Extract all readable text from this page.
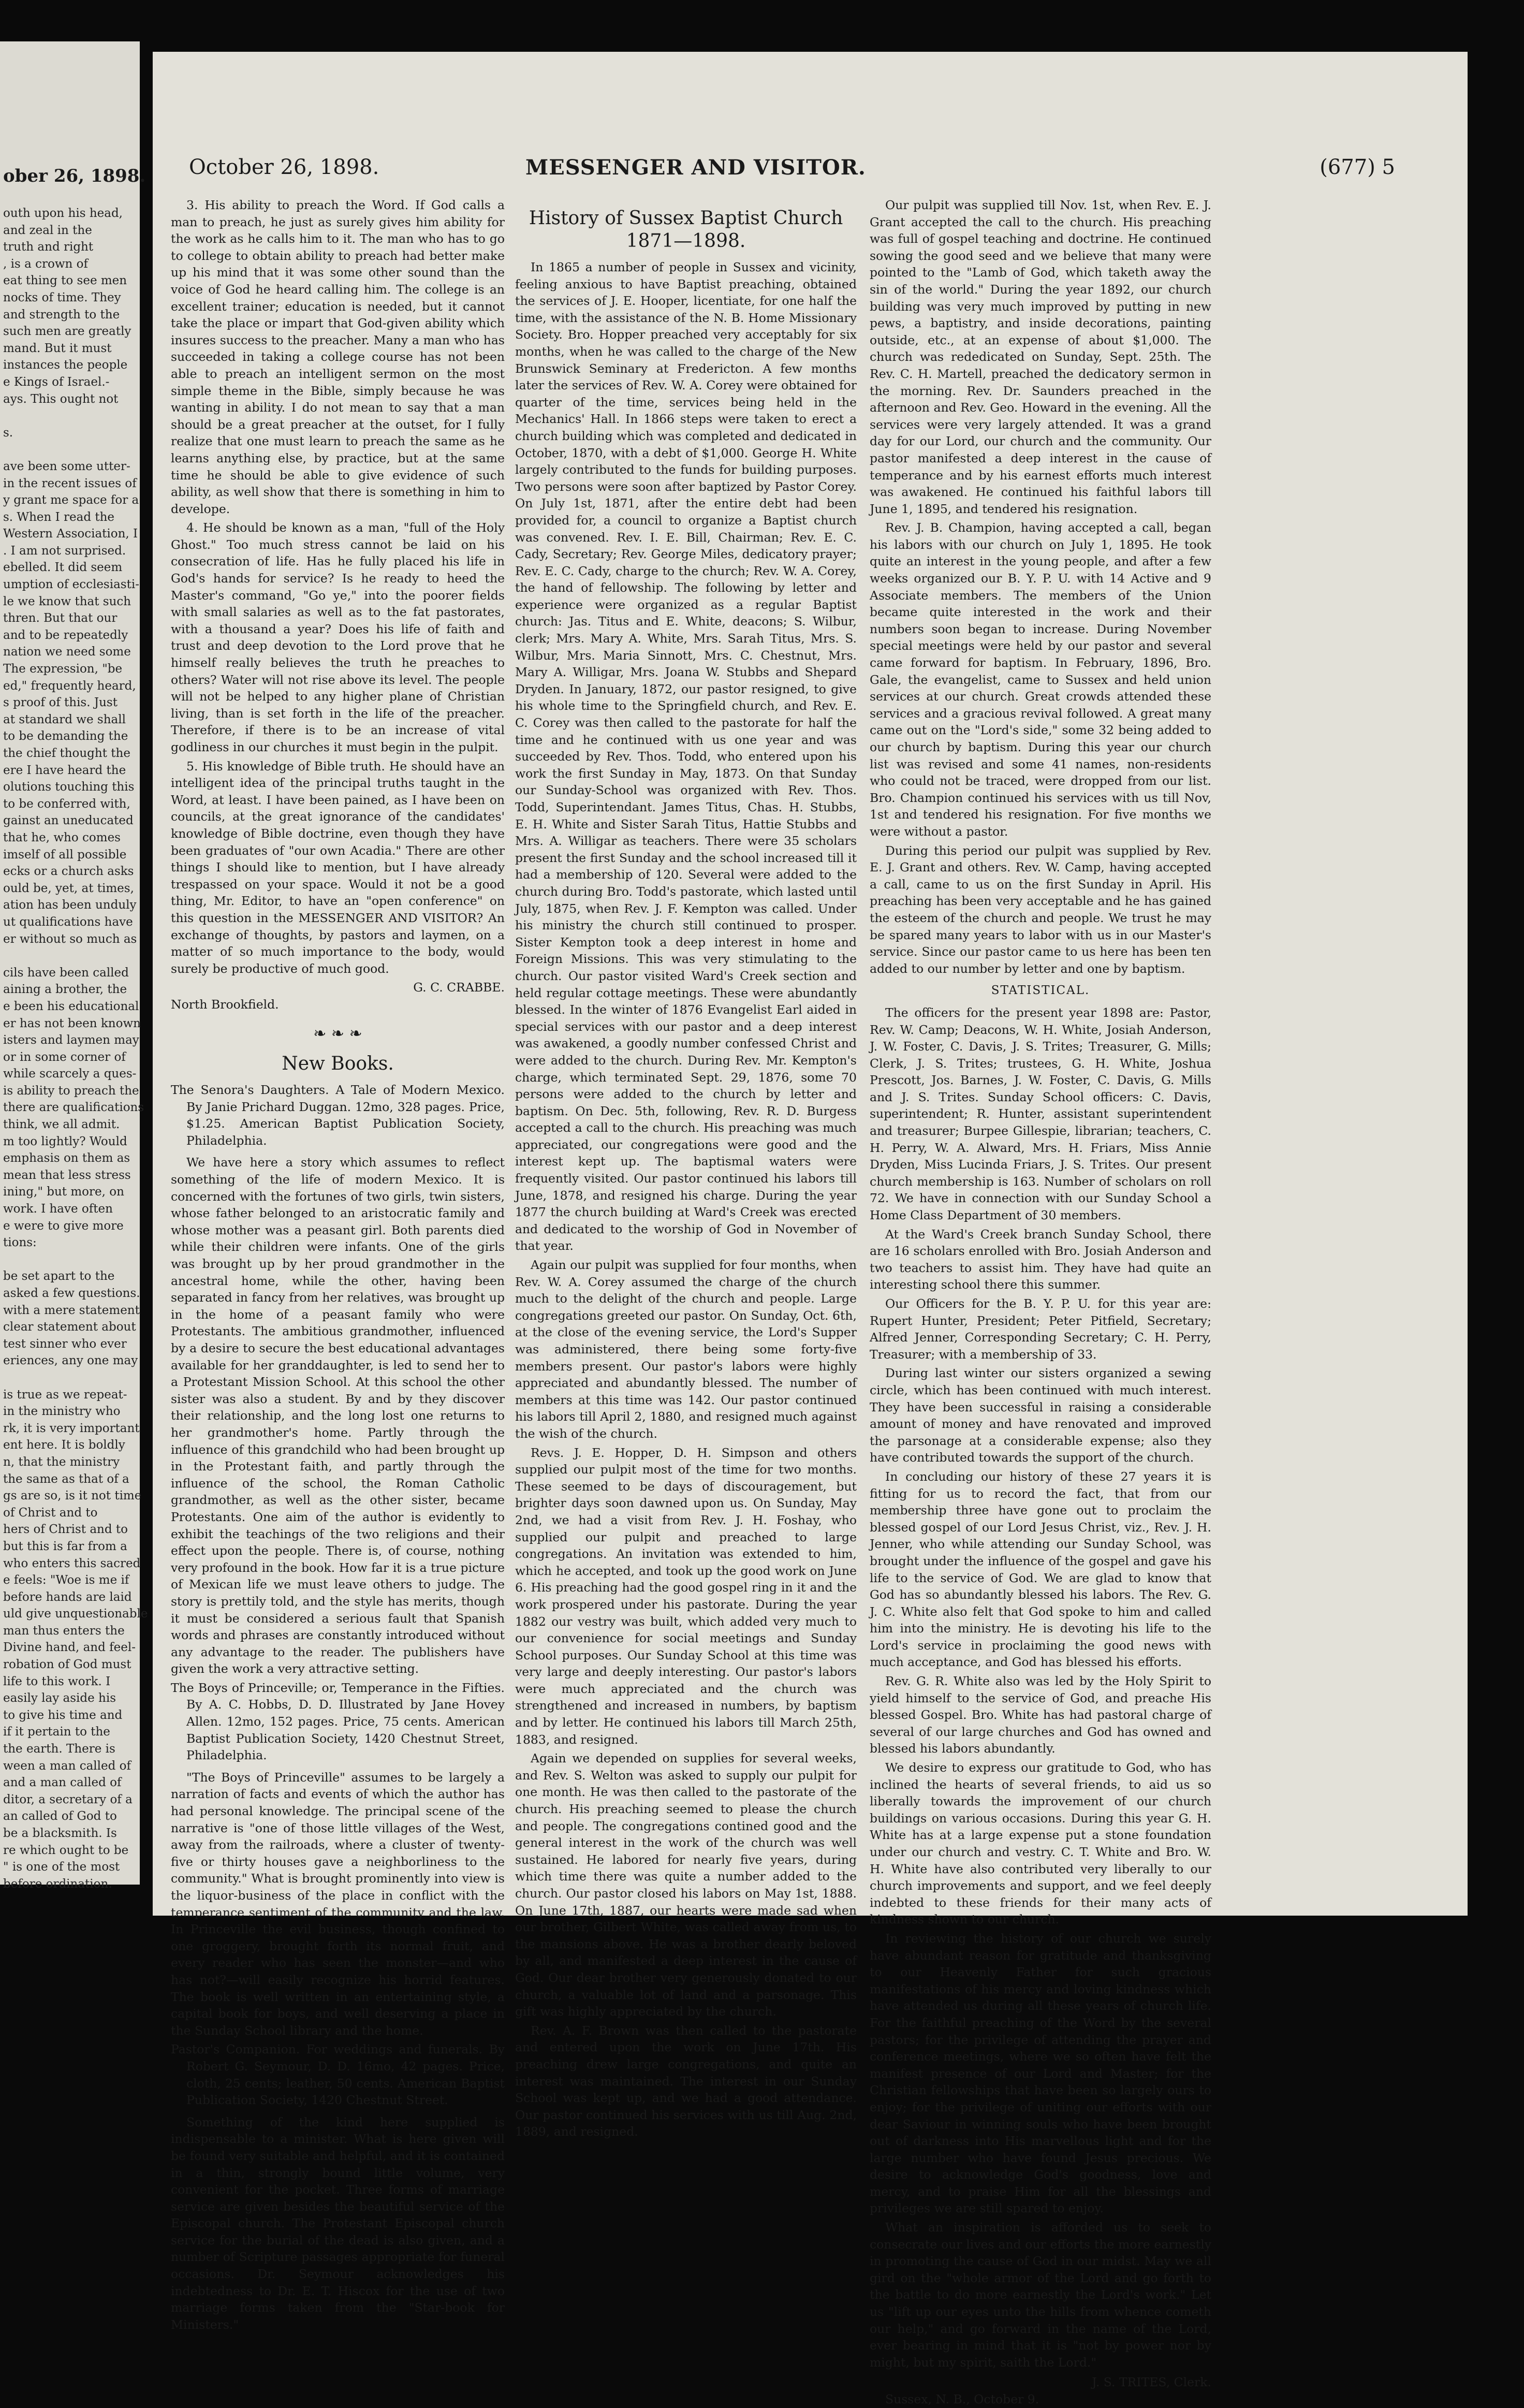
ober 26, 1898.
outh upon his head,
and zeal in the
truth and right
, is a crown of
eat thing to see men
nocks of time. They
and strength to the
such men are greatly
mand. But it must
instances the people
e Kings of Israel.-
ays. This ought not

s.

ave been some utter-
in the recent issues of
y grant me space for a
s. When I read the
Western Association, I
. I am not surprised.
ebelled. It did seem
umption of ecclesiasti-
le we know that such
thren. But that our
and to be repeatedly
nation we need some
The expression, "be
ed," frequently heard,
s proof of this. Just
at standard we shall
to be demanding the
the chief thought the
ere I have heard the
olutions touching this
to be conferred with,
gainst an uneducated
that he, who comes
imself of all possible
ecks or a church asks
ould be, yet, at times,
ation has been unduly
ut qualifications have
er without so much as

cils have been called
aining a brother, the
e been his educational
er has not been known
isters and laymen may
or in some corner of
while scarcely a ques-
is ability to preach the
there are qualifications
think, we all admit.
m too lightly? Would
emphasis on them as
mean that less stress
ining," but more, on
work. I have often
e were to give more
tions:

be set apart to the
asked a few questions.
with a mere statement
clear statement about
test sinner who ever
eriences, any one may

is true as we repeat-
in the ministry who
rk, it is very important
ent here. It is boldly
n, that the ministry
the same as that of a
gs are so, is it not time
of Christ and to
hers of Christ and to
but this is far from a
who enters this sacred
e feels: "Woe is me if
before hands are laid
uld give unquestionable
man thus enters the
Divine hand, and feel-
robation of God must
life to this work. I
easily lay aside his
to give his time and
if it pertain to the
the earth. There is
ween a man called of
and a man called of
ditor, a secretary of a
an called of God to
be a blacksmith. Is
re which ought to be
" is one of the most
before ordination.
October 26, 1898.	MESSENGER AND VISITOR.	(677) 5

3. His ability to preach the Word. If God calls a man to preach, he just as surely gives him ability for the work as he calls him to it. The man who has to go to college to obtain ability to preach had better make up his mind that it was some other sound than the voice of God he heard calling him. The college is an excellent trainer; education is needed, but it cannot take the place or impart that God-given ability which insures success to the preacher. Many a man who has succeeded in taking a college course has not been able to preach an intelligent sermon on the most simple theme in the Bible, simply because he was wanting in ability. I do not mean to say that a man should be a great preacher at the outset, for I fully realize that one must learn to preach the same as he learns anything else, by practice, but at the same time he should be able to give evidence of such ability, as well show that there is something in him to develope.

4. He should be known as a man, "full of the Holy Ghost." Too much stress cannot be laid on his consecration of life. Has he fully placed his life in God's hands for service? Is he ready to heed the Master's command, "Go ye," into the poorer fields with small salaries as well as to the fat pastorates, with a thousand a year? Does his life of faith and trust and deep devotion to the Lord prove that he himself really believes the truth he preaches to others? Water will not rise above its level. The people will not be helped to any higher plane of Christian living, than is set forth in the life of the preacher. Therefore, if there is to be an increase of vital godliness in our churches it must begin in the pulpit.

5. His knowledge of Bible truth. He should have an intelligent idea of the principal truths taught in the Word, at least. I have been pained, as I have been on councils, at the great ignorance of the candidates' knowledge of Bible doctrine, even though they have been graduates of "our own Acadia." There are other things I should like to mention, but I have already trespassed on your space. Would it not be a good thing, Mr. Editor, to have an "open conference" on this question in the MESSENGER AND VISITOR? An exchange of thoughts, by pastors and laymen, on a matter of so much importance to the body, would surely be productive of much good.

G. C. CRABBE.

North Brookfield.

❧ ❧ ❧
New Books.

The Senora's Daughters. A Tale of Modern Mexico. By Janie Prichard Duggan. 12mo, 328 pages. Price, $1.25. American Baptist Publication Society, Philadelphia.

We have here a story which assumes to reflect something of the life of modern Mexico. It is concerned with the fortunes of two girls, twin sisters, whose father belonged to an aristocratic family and whose mother was a peasant girl. Both parents died while their children were infants. One of the girls was brought up by her proud grandmother in the ancestral home, while the other, having been separated in fancy from her relatives, was brought up in the home of a peasant family who were Protestants. The ambitious grandmother, influenced by a desire to secure the best educational advantages available for her granddaughter, is led to send her to a Protestant Mission School. At this school the other sister was also a student. By and by they discover their relationship, and the long lost one returns to her grandmother's home. Partly through the influence of this grandchild who had been brought up in the Protestant faith, and partly through the influence of the school, the Roman Catholic grandmother, as well as the other sister, became Protestants. One aim of the author is evidently to exhibit the teachings of the two religions and their effect upon the people. There is, of course, nothing very profound in the book. How far it is a true picture of Mexican life we must leave others to judge. The story is prettily told, and the style has merits, though it must be considered a serious fault that Spanish words and phrases are constantly introduced without any advantage to the reader. The publishers have given the work a very attractive setting.

The Boys of Princeville; or, Temperance in the Fifties. By A. C. Hobbs, D. D. Illustrated by Jane Hovey Allen. 12mo, 152 pages. Price, 75 cents. American Baptist Publication Society, 1420 Chestnut Street, Philadelphia.

"The Boys of Princeville" assumes to be largely a narration of facts and events of which the author has had personal knowledge. The principal scene of the narrative is "one of those little villages of the West, away from the railroads, where a cluster of twenty-five or thirty houses gave a neighborliness to the community." What is brought prominently into view is the liquor-business of the place in conflict with the temperance sentiment of the community and the law. In Princeville the evil business, though confined to one groggery, brought forth its normal fruit, and every reader who has seen the monster—and who has not?—will easily recognize his horrid features. The book is well written in an entertaining style, a capital book for boys, and well deserving a place in the Sunday School library and the home.

Pastor's Companion. For weddings and funerals. By Robert G. Seymour, D. D. 16mo, 42 pages. Price, cloth, 25 cents; leather, 50 cents. American Baptist Publication Society, 1420 Chestnut Street.

Something of the kind here supplied is indispensable to a minister. What is here given will be found very suitable and helpful, and it is contained in a thin, strongly bound little volume, very convenient for the pocket. Three forms of marriage service are given besides the beautiful service of the Episcopal church. The Protestant Episcopal church service for the burial of the dead is also given, and a number of Scripture passages appropriate for funeral occasions. Dr. Seymour acknowledges his indebtedness to Dr. E. T. Hiscox for the use of two marriage forms taken from the "Star-book for Ministers."

History of Sussex Baptist Church
1871—1898.

In 1865 a number of people in Sussex and vicinity, feeling anxious to have Baptist preaching, obtained the services of J. E. Hooper, licentiate, for one half the time, with the assistance of the N. B. Home Missionary Society. Bro. Hopper preached very acceptably for six months, when he was called to the charge of the New Brunswick Seminary at Fredericton. A few months later the services of Rev. W. A. Corey were obtained for quarter of the time, services being held in the Mechanics' Hall. In 1866 steps were taken to erect a church building which was completed and dedicated in October, 1870, with a debt of $1,000. George H. White largely contributed to the funds for building purposes. Two persons were soon after baptized by Pastor Corey. On July 1st, 1871, after the entire debt had been provided for, a council to organize a Baptist church was convened. Rev. I. E. Bill, Chairman; Rev. E. C. Cady, Secretary; Rev. George Miles, dedicatory prayer; Rev. E. C. Cady, charge to the church; Rev. W. A. Corey, the hand of fellowship. The following by letter and experience were organized as a regular Baptist church: Jas. Titus and E. White, deacons; S. Wilbur, clerk; Mrs. Mary A. White, Mrs. Sarah Titus, Mrs. S. Wilbur, Mrs. Maria Sinnott, Mrs. C. Chestnut, Mrs. Mary A. Willigar, Mrs. Joana W. Stubbs and Shepard Dryden. In January, 1872, our pastor resigned, to give his whole time to the Springfield church, and Rev. E. C. Corey was then called to the pastorate for half the time and he continued with us one year and was succeeded by Rev. Thos. Todd, who entered upon his work the first Sunday in May, 1873. On that Sunday our Sunday-School was organized with Rev. Thos. Todd, Superintendant. James Titus, Chas. H. Stubbs, E. H. White and Sister Sarah Titus, Hattie Stubbs and Mrs. A. Willigar as teachers. There were 35 scholars present the first Sunday and the school increased till it had a membership of 120. Several were added to the church during Bro. Todd's pastorate, which lasted until July, 1875, when Rev. J. F. Kempton was called. Under his ministry the church still continued to prosper. Sister Kempton took a deep interest in home and Foreign Missions. This was very stimulating to the church. Our pastor visited Ward's Creek section and held regular cottage meetings. These were abundantly blessed. In the winter of 1876 Evangelist Earl aided in special services with our pastor and a deep interest was awakened, a goodly number confessed Christ and were added to the church. During Rev. Mr. Kempton's charge, which terminated Sept. 29, 1876, some 70 persons were added to the church by letter and baptism. On Dec. 5th, following, Rev. R. D. Burgess accepted a call to the church. His preaching was much appreciated, our congregations were good and the interest kept up. The baptismal waters were frequently visited. Our pastor continued his labors till June, 1878, and resigned his charge. During the year 1877 the church building at Ward's Creek was erected and dedicated to the worship of God in November of that year.

Again our pulpit was supplied for four months, when Rev. W. A. Corey assumed the charge of the church much to the delight of the church and people. Large congregations greeted our pastor. On Sunday, Oct. 6th, at the close of the evening service, the Lord's Supper was administered, there being some forty-five members present. Our pastor's labors were highly appreciated and abundantly blessed. The number of members at this time was 142. Our pastor continued his labors till April 2, 1880, and resigned much against the wish of the church.

Revs. J. E. Hopper, D. H. Simpson and others supplied our pulpit most of the time for two months. These seemed to be days of discouragement, but brighter days soon dawned upon us. On Sunday, May 2nd, we had a visit from Rev. J. H. Foshay, who supplied our pulpit and preached to large congregations. An invitation was extended to him, which he accepted, and took up the good work on June 6. His preaching had the good gospel ring in it and the work prospered under his pastorate. During the year 1882 our vestry was built, which added very much to our convenience for social meetings and Sunday School purposes. Our Sunday School at this time was very large and deeply interesting. Our pastor's labors were much appreciated and the church was strengthened and increased in numbers, by baptism and by letter. He continued his labors till March 25th, 1883, and resigned.

Again we depended on supplies for several weeks, and Rev. S. Welton was asked to supply our pulpit for one month. He was then called to the pastorate of the church. His preaching seemed to please the church and people. The congregations contined good and the general interest in the work of the church was well sustained. He labored for nearly five years, during which time there was quite a number added to the church. Our pastor closed his labors on May 1st, 1888. On June 17th, 1887, our hearts were made sad when our brother, Gilbert White, was called away from us, to the mansions above. He was a brother dearly beloved by all, and manifested a deep interest in the cause of God. Our dear brother very generously donated to our church, a valuable lot of land and a parsonage. This gift was highly appreciated by the church.

Rev. A. F. Brown was then called to the pastorate and entered upon the work on June 17th. His preaching drew large congregations, and quite an interest was maintained. The interest in our Sunday School was kept up, and we had a good attendance. Our pastor continued his services with us till Aug. 2nd, 1889, and resigned.

Our pulpit was supplied till Nov. 1st, when Rev. E. J. Grant accepted the call to the church. His preaching was full of gospel teaching and doctrine. He continued sowing the good seed and we believe that many were pointed to the "Lamb of God, which taketh away the sin of the world." During the year 1892, our church building was very much improved by putting in new pews, a baptistry, and inside decorations, painting outside, etc., at an expense of about $1,000. The church was rededicated on Sunday, Sept. 25th. The Rev. C. H. Martell, preached the dedicatory sermon in the morning. Rev. Dr. Saunders preached in the afternoon and Rev. Geo. Howard in the evening. All the services were very largely attended. It was a grand day for our Lord, our church and the community. Our pastor manifested a deep interest in the cause of temperance and by his earnest efforts much interest was awakened. He continued his faithful labors till June 1, 1895, and tendered his resignation.

Rev. J. B. Champion, having accepted a call, began his labors with our church on July 1, 1895. He took quite an interest in the young people, and after a few weeks organized our B. Y. P. U. with 14 Active and 9 Associate members. The members of the Union became quite interested in the work and their numbers soon began to increase. During November special meetings were held by our pastor and several came forward for baptism. In February, 1896, Bro. Gale, the evangelist, came to Sussex and held union services at our church. Great crowds attended these services and a gracious revival followed. A great many came out on the "Lord's side," some 32 being added to our church by baptism. During this year our church list was revised and some 41 names, non-residents who could not be traced, were dropped from our list. Bro. Champion continued his services with us till Nov, 1st and tendered his resignation. For five months we were without a pastor.

During this period our pulpit was supplied by Rev. E. J. Grant and others. Rev. W. Camp, having accepted a call, came to us on the first Sunday in April. His preaching has been very acceptable and he has gained the esteem of the church and people. We trust he may be spared many years to labor with us in our Master's service. Since our pastor came to us here has been ten added to our number by letter and one by baptism.

STATISTICAL.

The officers for the present year 1898 are: Pastor, Rev. W. Camp; Deacons, W. H. White, Josiah Anderson, J. W. Foster, C. Davis, J. S. Trites; Treasurer, G. Mills; Clerk, J. S. Trites; trustees, G. H. White, Joshua Prescott, Jos. Barnes, J. W. Foster, C. Davis, G. Mills and J. S. Trites. Sunday School officers: C. Davis, superintendent; R. Hunter, assistant superintendent and treasurer; Burpee Gillespie, librarian; teachers, C. H. Perry, W. A. Alward, Mrs. H. Friars, Miss Annie Dryden, Miss Lucinda Friars, J. S. Trites. Our present church membership is 163. Number of scholars on roll 72. We have in connection with our Sunday School a Home Class Department of 30 members.

At the Ward's Creek branch Sunday School, there are 16 scholars enrolled with Bro. Josiah Anderson and two teachers to assist him. They have had quite an interesting school there this summer.

Our Officers for the B. Y. P. U. for this year are: Rupert Hunter, President; Peter Pitfield, Secretary; Alfred Jenner, Corresponding Secretary; C. H. Perry, Treasurer; with a membership of 33.

During last winter our sisters organized a sewing circle, which has been continued with much interest. They have been successful in raising a considerable amount of money and have renovated and improved the parsonage at a considerable expense; also they have contributed towards the support of the church.

In concluding our history of these 27 years it is fitting for us to record the fact, that from our membership three have gone out to proclaim the blessed gospel of our Lord Jesus Christ, viz., Rev. J. H. Jenner, who while attending our Sunday School, was brought under the influence of the gospel and gave his life to the service of God. We are glad to know that God has so abundantly blessed his labors. The Rev. G. J. C. White also felt that God spoke to him and called him into the ministry. He is devoting his life to the Lord's service in proclaiming the good news with much acceptance, and God has blessed his efforts.

Rev. G. R. White also was led by the Holy Spirit to yield himself to the service of God, and preache His blessed Gospel. Bro. White has had pastoral charge of several of our large churches and God has owned and blessed his labors abundantly.

We desire to express our gratitude to God, who has inclined the hearts of several friends, to aid us so liberally towards the improvement of our church buildings on various occasions. During this year G. H. White has at a large expense put a stone foundation under our church and vestry. C. T. White and Bro. W. H. White have also contributed very liberally to our church improvements and support, and we feel deeply indebted to these friends for their many acts of kindness shown to our church.

In reviewing the history of our church we surely have abundant reason for gratitude and thanksgiving to our Heavenly Father for such gracious manifestations of his mercy and loving kindness which have attended us during all these years of church life. For the faithful preaching of the Word by the several pastors; for the privilege of attending the prayer and conference meetings, where we so often have felt the manifest presence of our Lord and Master; for the Christian fellowships that have been so largely ours to enjoy; for the privilege of uniting our efforts with our dear Saviour in winning souls who have been brought out of darkness into His marvellous light and for the large number who have found Jesus precious. We desire to acknowledge God's goodness, love and mercy, and to praise Him for all the blessings and privileges we are still spared to enjoy.

What an inspiration is afforded us to seek to consecrate our lives and our efforts the more earnestly in promoting the cause of God in our midst. May we all gird on the "whole armor of the Lord and go forth to the battle to do more earnestly the Lord's work." Let us "lift up our eyes unto the hills from whence cometh our help," and go forward in the name of the Lord, ever bearing in mind that it is "not by power nor by might, but my spirit, saith the Lord."

J. S. TRITES, Clerk.

Sussex, N. B., October 9.
